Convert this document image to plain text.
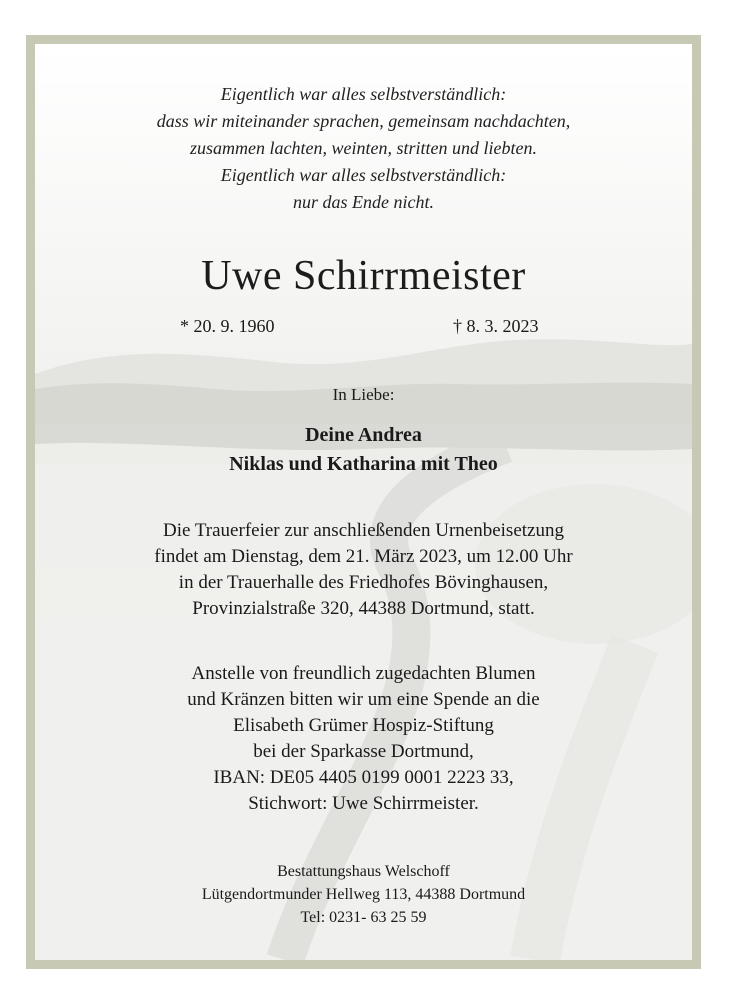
Eigentlich war alles selbstverständlich:
dass wir miteinander sprachen, gemeinsam nachdachten,
zusammen lachten, weinten, stritten und liebten.
Eigentlich war alles selbstverständlich:
nur das Ende nicht.
Uwe Schirrmeister
* 20. 9. 1960	† 8. 3. 2023
In Liebe:
Deine Andrea
Niklas und Katharina mit Theo
Die Trauerfeier zur anschließenden Urnenbeisetzung
findet am Dienstag, dem 21. März 2023, um 12.00 Uhr
in der Trauerhalle des Friedhofes Bövinghausen,
Provinzialstraße 320, 44388 Dortmund, statt.
Anstelle von freundlich zugedachten Blumen
und Kränzen bitten wir um eine Spende an die
Elisabeth Grümer Hospiz-Stiftung
bei der Sparkasse Dortmund,
IBAN: DE05 4405 0199 0001 2223 33,
Stichwort: Uwe Schirrmeister.
Bestattungshaus Welschoff
Lütgendortmunder Hellweg 113, 44388 Dortmund
Tel: 0231- 63 25 59
